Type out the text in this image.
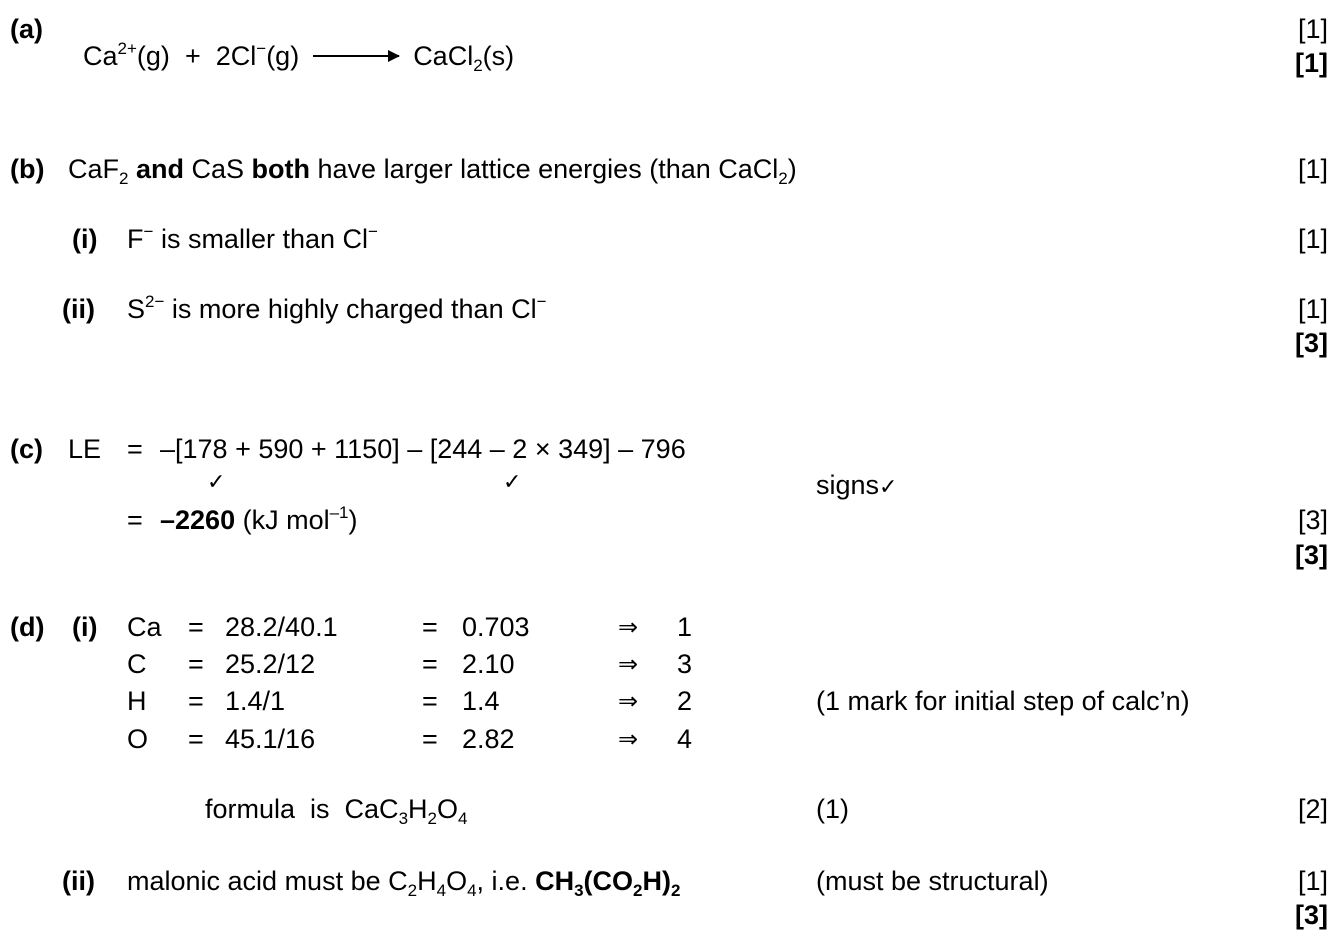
(a)

$Ca^{2+}(g) + 2Cl^-(g)$ → CaCl$_2$(s)

[1]
[1]
(b) CaF$_2$ and CaS both have larger lattice energies (than CaCl$_2$)	[1]
(i) F− is smaller than Cl−	[1]
(ii) $S^{2-}$ is more highly charged than Cl−	[1]
[3]
(c) LE = –[178 + 590 + 1150] – [244 – 2 × 349] – 796
✓	✓	signs✓
= –2260 (kJ mol$^{-1}$)	[3]
[3]
(d) (i) Ca = 28.2/40.1	= 0.703	⇒ 1
C = 25.2/12	= 2.10	⇒ 3
H = 1.4/1	= 1.4	⇒ 2
O = 45.1/16	= 2.82	⇒ 4
(1 mark for initial step of calc’n)
formula  is  $CaC_3H_2O_4$	(1)	[2]
(ii) malonic acid must be $C_2H_4O_4$, i.e. $CH_3(CO_2H)_2$	(must be structural)	[1]
[3]
